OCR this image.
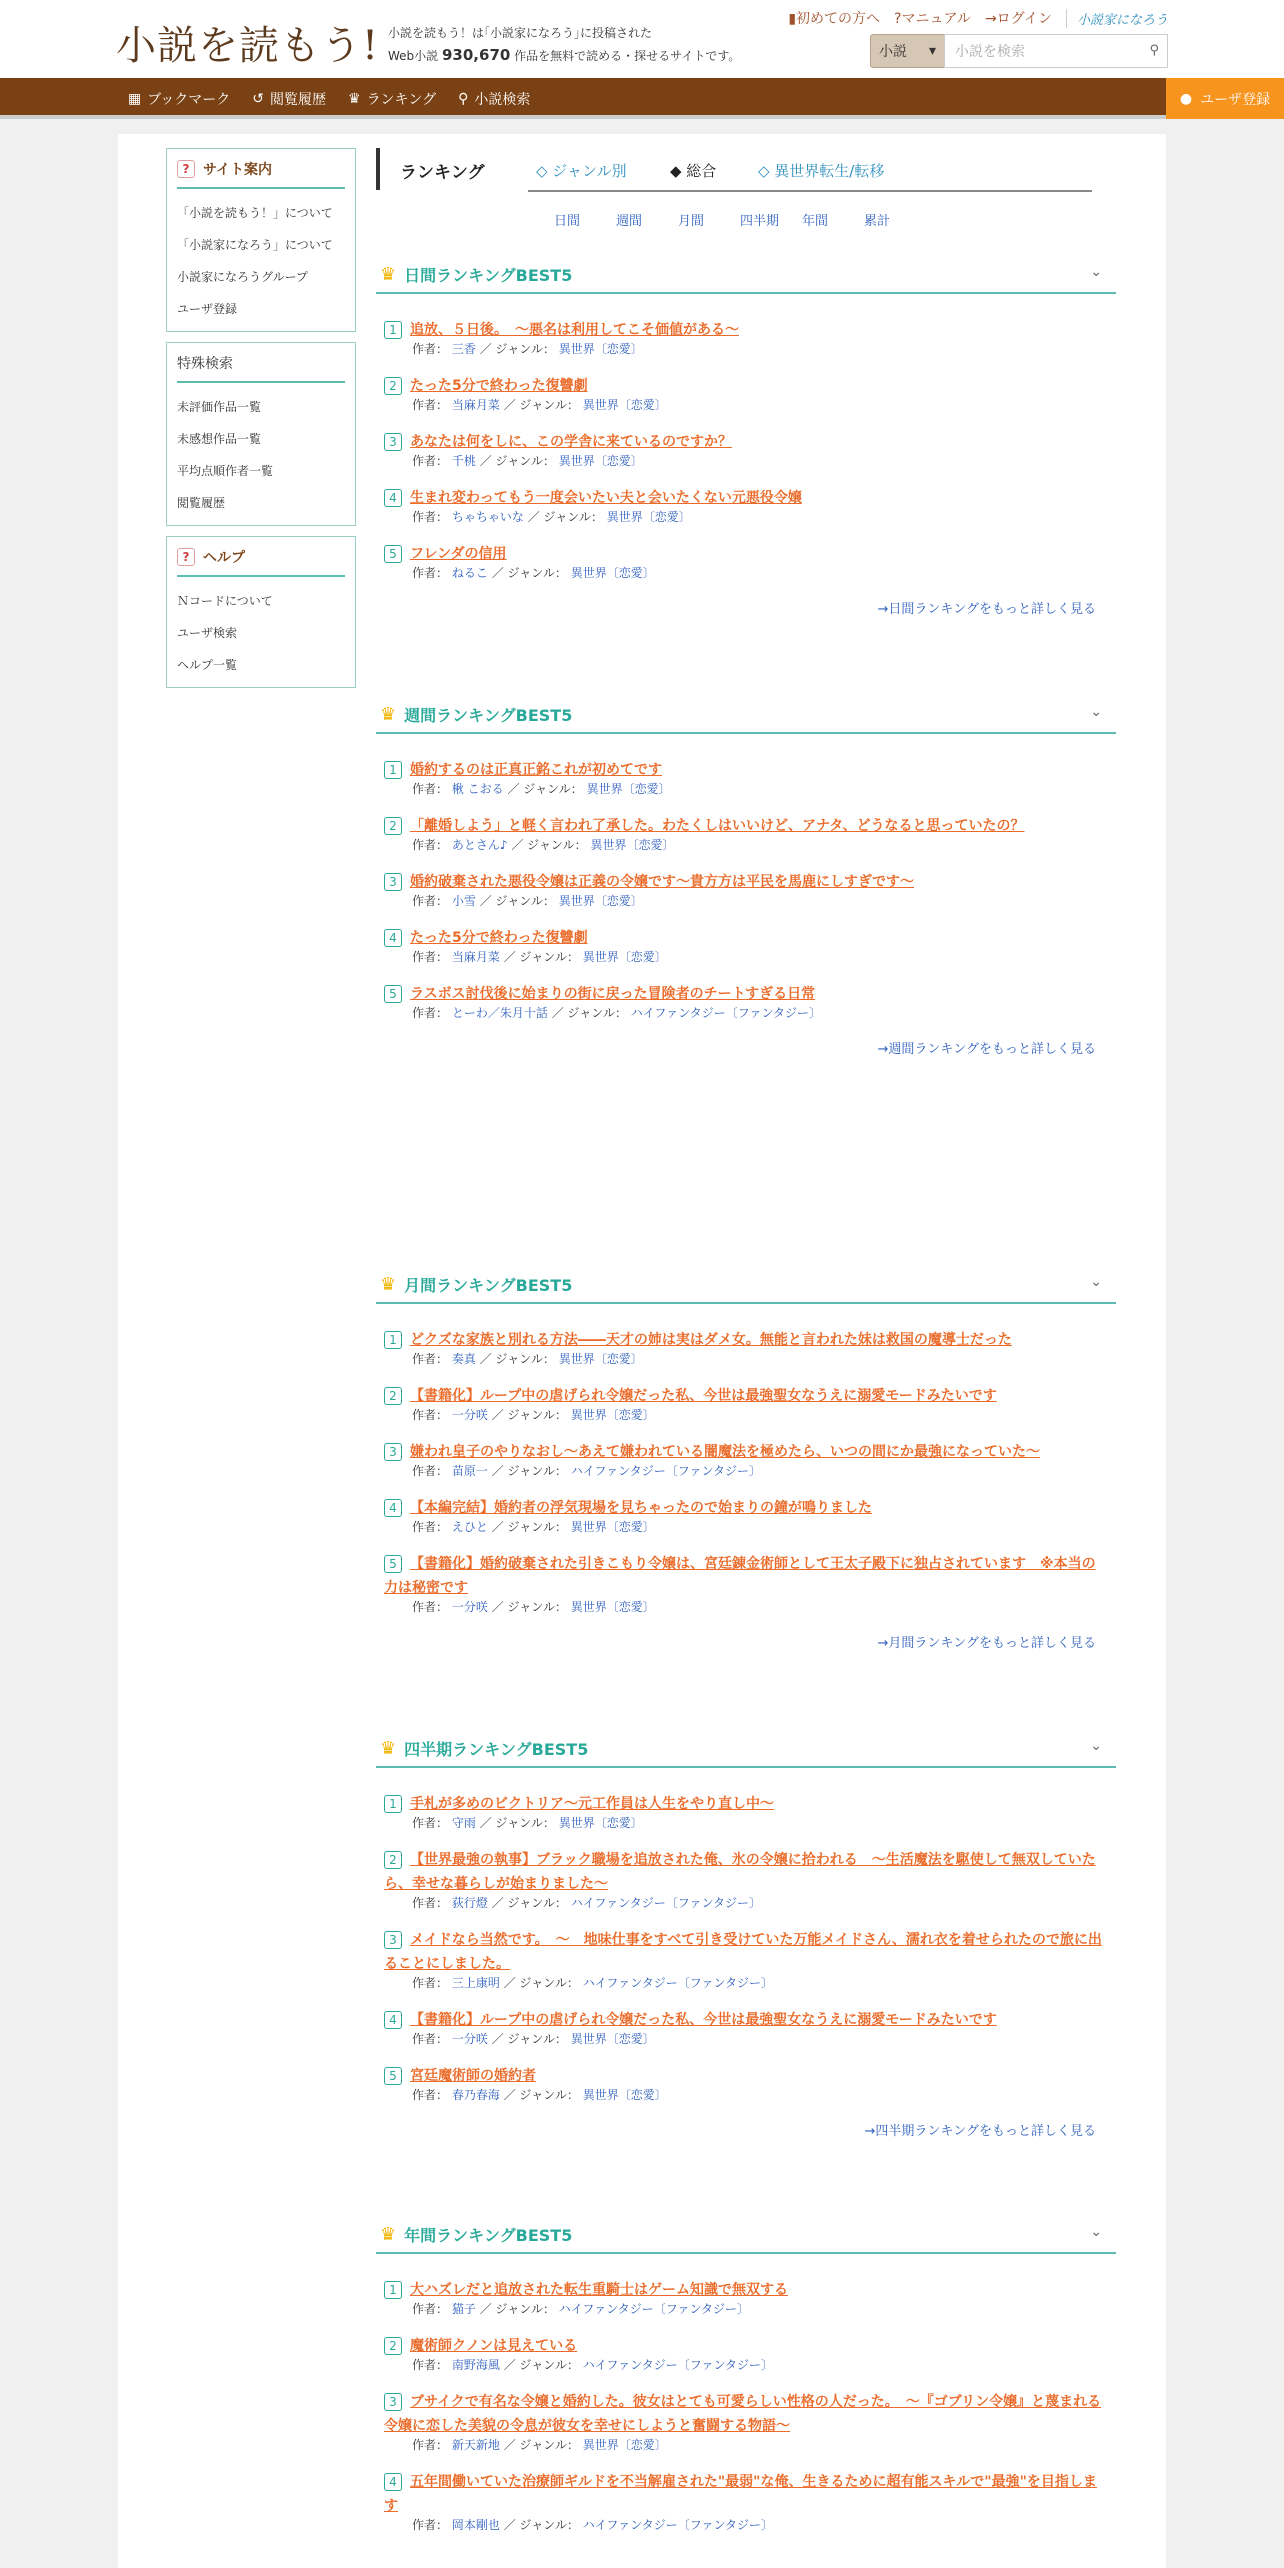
小説を読もう! 小説を読もう！は｢小説家になろう｣に投稿された
Web小説 930,670 作品を無料で読める・探せるサイトです。
▮初めての方へ ?マニュアル →ログイン	小説家になろう
小説 ▾ 小説を検索	⚲
▦ ブックマーク ↺ 閲覧履歴 ♛ ランキング ⚲ 小説検索	● ユーザ登録
? サイト案内
「小説を読もう！」について
「小説家になろう」について
小説家になろうグループ
ユーザ登録
特殊検索
未評価作品一覧
未感想作品一覧
平均点順作者一覧
閲覧履歴
? ヘルプ
Ｎコードについて
ユーザ検索
ヘルプ一覧
ランキング	◇ ジャンル別	◆ 総合	◇ 異世界転生/転移
日間	週間	月間	四半期	年間	累計
♛ 日間ランキングBEST5	⌄
1 追放、５日後。　～悪名は利用してこそ価値がある～
作者： 三香 ／ ジャンル： 異世界〔恋愛〕
2 たった5分で終わった復讐劇
作者： 当麻月菜 ／ ジャンル： 異世界〔恋愛〕
3 あなたは何をしに、この学舎に来ているのですか？
作者： 千桃 ／ ジャンル： 異世界〔恋愛〕
4 生まれ変わってもう一度会いたい夫と会いたくない元悪役令嬢
作者： ちゃちゃいな ／ ジャンル： 異世界〔恋愛〕
5 フレンダの信用
作者： ねるこ ／ ジャンル： 異世界〔恋愛〕
→日間ランキングをもっと詳しく見る
♛ 週間ランキングBEST5	⌄
1 婚約するのは正真正銘これが初めてです
作者： 楸 こおる ／ ジャンル： 異世界〔恋愛〕
2 「離婚しよう」と軽く言われ了承した。わたくしはいいけど、アナタ、どうなると思っていたの？
作者： あとさん♪ ／ ジャンル： 異世界〔恋愛〕
3 婚約破棄された悪役令嬢は正義の令嬢です〜貴方方は平民を馬鹿にしすぎです〜
作者： 小雪 ／ ジャンル： 異世界〔恋愛〕
4 たった5分で終わった復讐劇
作者： 当麻月菜 ／ ジャンル： 異世界〔恋愛〕
5 ラスボス討伐後に始まりの街に戻った冒険者のチートすぎる日常
作者： とーわ／朱月十話 ／ ジャンル： ハイファンタジー〔ファンタジー〕
→週間ランキングをもっと詳しく見る
♛ 月間ランキングBEST5	⌄
1 どクズな家族と別れる方法――天才の姉は実はダメ女。無能と言われた妹は救国の魔導士だった
作者： 奏真 ／ ジャンル： 異世界〔恋愛〕
2 【書籍化】ループ中の虐げられ令嬢だった私、今世は最強聖女なうえに溺愛モードみたいです
作者： 一分咲 ／ ジャンル： 異世界〔恋愛〕
3 嫌われ皇子のやりなおし～あえて嫌われている闇魔法を極めたら、いつの間にか最強になっていた～
作者： 苗原一 ／ ジャンル： ハイファンタジー〔ファンタジー〕
4 【本編完結】婚約者の浮気現場を見ちゃったので始まりの鐘が鳴りました
作者： えひと ／ ジャンル： 異世界〔恋愛〕
5 【書籍化】婚約破棄された引きこもり令嬢は、宮廷錬金術師として王太子殿下に独占されています　※本当の力は秘密です
作者： 一分咲 ／ ジャンル： 異世界〔恋愛〕
→月間ランキングをもっと詳しく見る
♛ 四半期ランキングBEST5	⌄
1 手札が多めのビクトリア〜元工作員は人生をやり直し中〜
作者： 守雨 ／ ジャンル： 異世界〔恋愛〕
2 【世界最強の執事】ブラック職場を追放された俺、氷の令嬢に拾われる　～生活魔法を駆使して無双していたら、幸せな暮らしが始まりました～
作者： 荻行燈 ／ ジャンル： ハイファンタジー〔ファンタジー〕
3 メイドなら当然です。　～　地味仕事をすべて引き受けていた万能メイドさん、濡れ衣を着せられたので旅に出ることにしました。
作者： 三上康明 ／ ジャンル： ハイファンタジー〔ファンタジー〕
4 【書籍化】ループ中の虐げられ令嬢だった私、今世は最強聖女なうえに溺愛モードみたいです
作者： 一分咲 ／ ジャンル： 異世界〔恋愛〕
5 宮廷魔術師の婚約者
作者： 春乃春海 ／ ジャンル： 異世界〔恋愛〕
→四半期ランキングをもっと詳しく見る
♛ 年間ランキングBEST5	⌄
1 大ハズレだと追放された転生重騎士はゲーム知識で無双する
作者： 猫子 ／ ジャンル： ハイファンタジー〔ファンタジー〕
2 魔術師クノンは見えている
作者： 南野海風 ／ ジャンル： ハイファンタジー〔ファンタジー〕
3 ブサイクで有名な令嬢と婚約した。彼女はとても可愛らしい性格の人だった。　～『ゴブリン令嬢』と蔑まれる令嬢に恋した美貌の令息が彼女を幸せにしようと奮闘する物語～
作者： 新天新地 ／ ジャンル： 異世界〔恋愛〕
4 五年間働いていた治療師ギルドを不当解雇された"最弱"な俺、生きるために超有能スキルで"最強"を目指します
作者： 岡本剛也 ／ ジャンル： ハイファンタジー〔ファンタジー〕
